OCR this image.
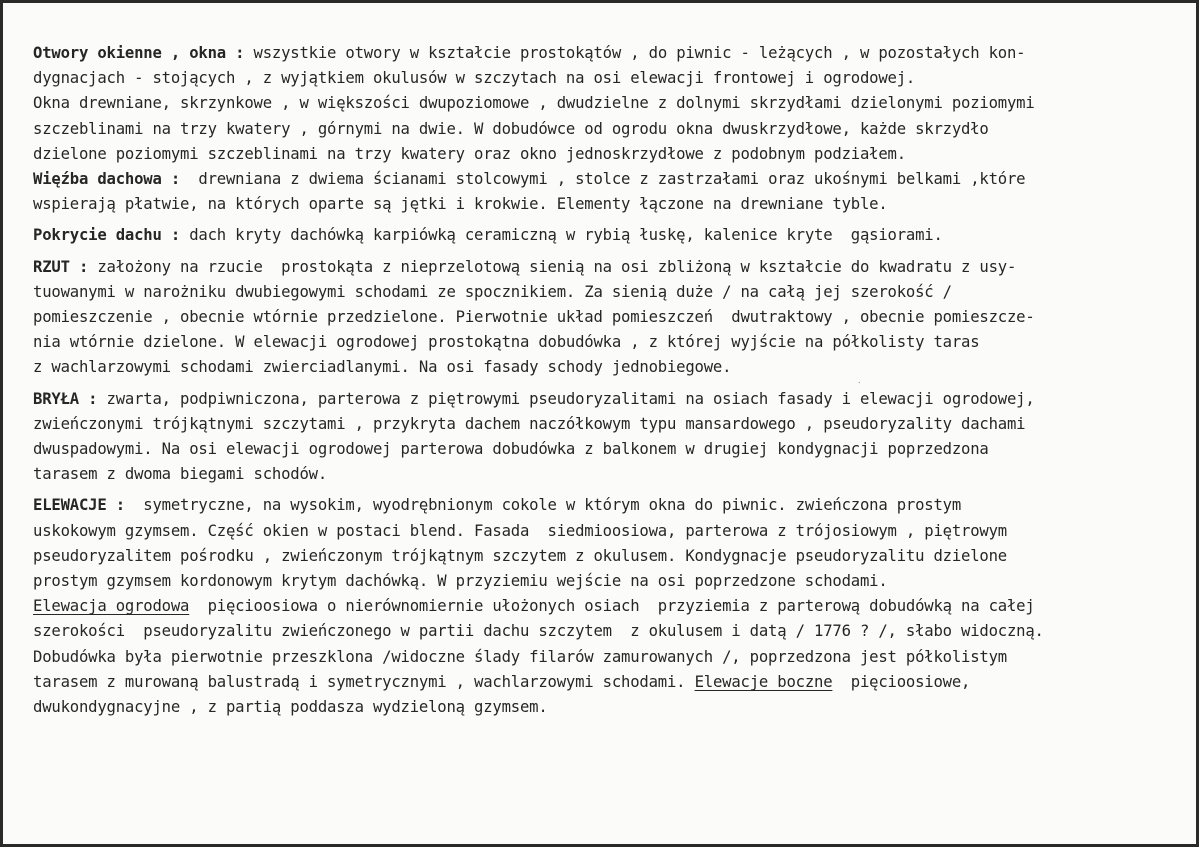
Otwory okienne , okna : wszystkie otwory w kształcie prostokątów , do piwnic - leżących , w pozostałych kon-
dygnacjach - stojących , z wyjątkiem okulusów w szczytach na osi elewacji frontowej i ogrodowej.
Okna drewniane, skrzynkowe , w większości dwupoziomowe , dwudzielne z dolnymi skrzydłami dzielonymi poziomymi
szczeblinami na trzy kwatery , górnymi na dwie. W dobudówce od ogrodu okna dwuskrzydłowe, każde skrzydło
dzielone poziomymi szczeblinami na trzy kwatery oraz okno jednoskrzydłowe z podobnym podziałem.

Więźba dachowa :  drewniana z dwiema ścianami stolcowymi , stolce z zastrzałami oraz ukośnymi belkami ,które
wspierają płatwie, na których oparte są jętki i krokwie. Elementy łączone na drewniane tyble.

Pokrycie dachu : dach kryty dachówką karpiówką ceramiczną w rybią łuskę, kalenice kryte  gąsiorami.

RZUT : założony na rzucie  prostokąta z nieprzelotową sienią na osi zbliżoną w kształcie do kwadratu z usy-
tuowanymi w narożniku dwubiegowymi schodami ze spocznikiem. Za sienią duże / na całą jej szerokość /
pomieszczenie , obecnie wtórnie przedzielone. Pierwotnie układ pomieszczeń  dwutraktowy , obecnie pomieszcze-
nia wtórnie dzielone. W elewacji ogrodowej prostokątna dobudówka , z której wyjście na półkolisty taras
z wachlarzowymi schodami zwierciadlanymi. Na osi fasady schody jednobiegowe.

BRYŁA : zwarta, podpiwniczona, parterowa z piętrowymi pseudoryzalitami na osiach fasady i elewacji ogrodowej,
zwieńczonymi trójkątnymi szczytami , przykryta dachem naczółkowym typu mansardowego , pseudoryzality dachami
dwuspadowymi. Na osi elewacji ogrodowej parterowa dobudówka z balkonem w drugiej kondygnacji poprzedzona
tarasem z dwoma biegami schodów.

ELEWACJE :  symetryczne, na wysokim, wyodrębnionym cokole w którym okna do piwnic. zwieńczona prostym
uskokowym gzymsem. Część okien w postaci blend. Fasada  siedmioosiowa, parterowa z trójosiowym , piętrowym
pseudoryzalitem pośrodku , zwieńczonym trójkątnym szczytem z okulusem. Kondygnacje pseudoryzalitu dzielone
prostym gzymsem kordonowym krytym dachówką. W przyziemiu wejście na osi poprzedzone schodami.
Elewacja ogrodowa  pięcioosiowa o nierównomiernie ułożonych osiach  przyziemia z parterową dobudówką na całej
szerokości  pseudoryzalitu zwieńczonego w partii dachu szczytem  z okulusem i datą / 1776 ? /, słabo widoczną.
Dobudówka była pierwotnie przeszklona /widoczne ślady filarów zamurowanych /, poprzedzona jest półkolistym
tarasem z murowaną balustradą i symetrycznymi , wachlarzowymi schodami. Elewacje boczne  pięcioosiowe,
dwukondygnacyjne , z partią poddasza wydzieloną gzymsem.

⸱
